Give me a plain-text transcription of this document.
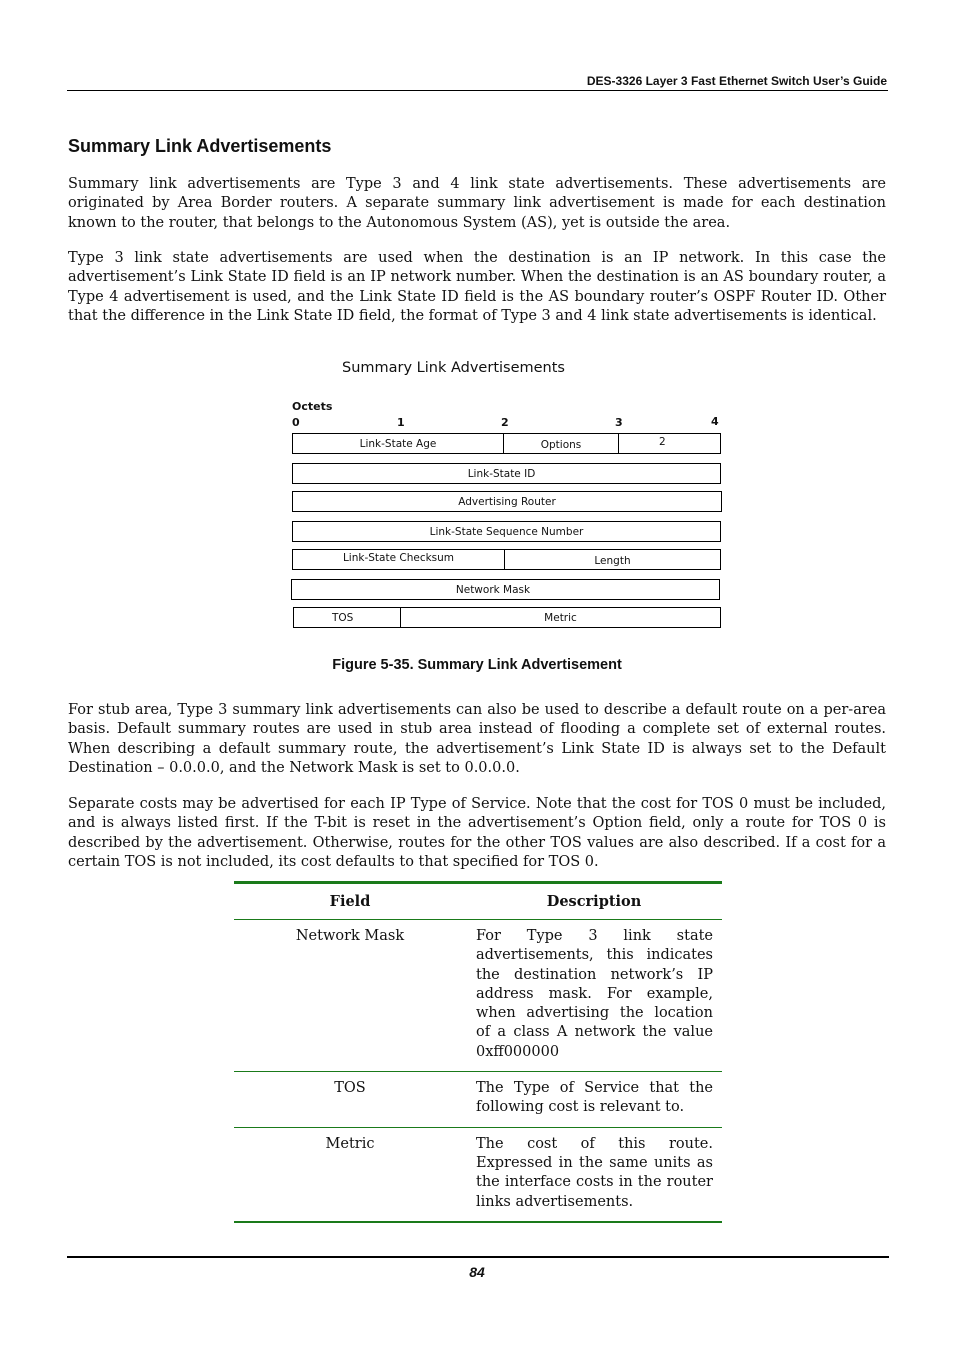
DES-3326 Layer 3 Fast Ethernet Switch User’s Guide
Summary Link Advertisements

Summary link advertisements are Type 3 and 4 link state advertisements. These advertisements are originated by Area Border routers. A separate summary link advertisement is made for each destination known to the router, that belongs to the Autonomous System (AS), yet is outside the area.

Type 3 link state advertisements are used when the destination is an IP network. In this case the advertisement’s Link State ID field is an IP network number. When the destination is an AS boundary router, a Type 4 advertisement is used, and the Link State ID field is the AS boundary router’s OSPF Router ID. Other that the difference in the Link State ID field, the format of Type 3 and 4 link state advertisements is identical.

Summary Link Advertisements
Octets
0	1	2	3	4
Link-State Age	Options	2
Link-State ID
Advertising Router
Link-State Sequence Number
Link-State Checksum	Length
Network Mask
TOS	Metric
Figure 5-35. Summary Link Advertisement

For stub area, Type 3 summary link advertisements can also be used to describe a default route on a per-area basis. Default summary routes are used in stub area instead of flooding a complete set of external routes. When describing a default summary route, the advertisement’s Link State ID is always set to the Default Destination – 0.0.0.0, and the Network Mask is set to 0.0.0.0.

Separate costs may be advertised for each IP Type of Service. Note that the cost for TOS 0 must be included, and is always listed first. If the T-bit is reset in the advertisement’s Option field, only a route for TOS 0 is described by the advertisement. Otherwise, routes for the other TOS values are also described. If a cost for a certain TOS is not included, its cost defaults to that specified for TOS 0.

Field	Description
Network Mask	For Type 3 link state advertisements, this indicates the destination network’s IP address mask. For example, when advertising the location of a class A network the value 0xff000000
TOS	The Type of Service that the following cost is relevant to.
Metric	The cost of this route. Expressed in the same units as the interface costs in the router links advertisements.
84
